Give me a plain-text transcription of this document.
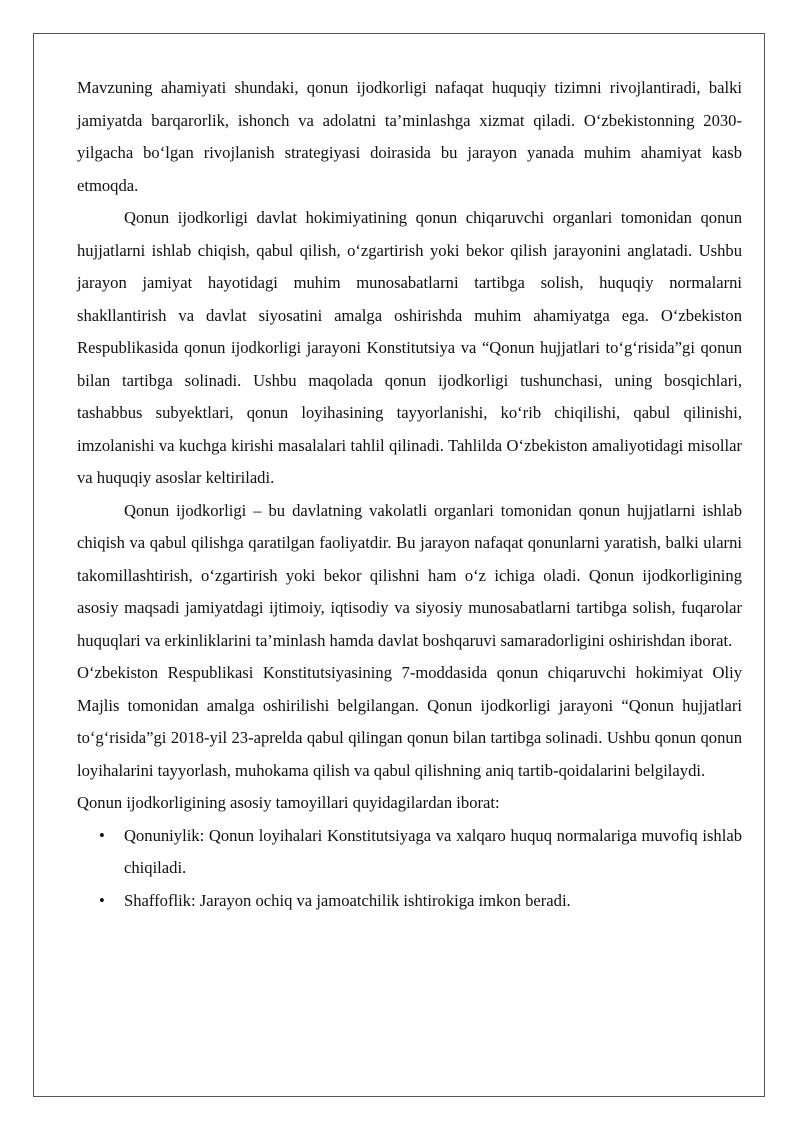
Mavzuning ahamiyati shundaki, qonun ijodkorligi nafaqat huquqiy tizimni rivojlantiradi, balki jamiyatda barqarorlik, ishonch va adolatni ta’minlashga xizmat qiladi. O‘zbekistonning 2030-yilgacha bo‘lgan rivojlanish strategiyasi doirasida bu jarayon yanada muhim ahamiyat kasb etmoqda.

Qonun ijodkorligi davlat hokimiyatining qonun chiqaruvchi organlari tomonidan qonun hujjatlarni ishlab chiqish, qabul qilish, o‘zgartirish yoki bekor qilish jarayonini anglatadi. Ushbu jarayon jamiyat hayotidagi muhim munosabatlarni tartibga solish, huquqiy normalarni shakllantirish va davlat siyosatini amalga oshirishda muhim ahamiyatga ega. O‘zbekiston Respublikasida qonun ijodkorligi jarayoni Konstitutsiya va “Qonun hujjatlari to‘g‘risida”gi qonun bilan tartibga solinadi. Ushbu maqolada qonun ijodkorligi tushunchasi, uning bosqichlari, tashabbus subyektlari, qonun loyihasining tayyorlanishi, ko‘rib chiqilishi, qabul qilinishi, imzolanishi va kuchga kirishi masalalari tahlil qilinadi. Tahlilda O‘zbekiston amaliyotidagi misollar va huquqiy asoslar keltiriladi.

Qonun ijodkorligi – bu davlatning vakolatli organlari tomonidan qonun hujjatlarni ishlab chiqish va qabul qilishga qaratilgan faoliyatdir. Bu jarayon nafaqat qonunlarni yaratish, balki ularni takomillashtirish, o‘zgartirish yoki bekor qilishni ham o‘z ichiga oladi. Qonun ijodkorligining asosiy maqsadi jamiyatdagi ijtimoiy, iqtisodiy va siyosiy munosabatlarni tartibga solish, fuqarolar huquqlari va erkinliklarini ta’minlash hamda davlat boshqaruvi samaradorligini oshirishdan iborat.

O‘zbekiston Respublikasi Konstitutsiyasining 7-moddasida qonun chiqaruvchi hokimiyat Oliy Majlis tomonidan amalga oshirilishi belgilangan. Qonun ijodkorligi jarayoni “Qonun hujjatlari to‘g‘risida”gi 2018-yil 23-aprelda qabul qilingan qonun bilan tartibga solinadi. Ushbu qonun qonun loyihalarini tayyorlash, muhokama qilish va qabul qilishning aniq tartib-qoidalarini belgilaydi.

Qonun ijodkorligining asosiy tamoyillari quyidagilardan iborat:

• Qonuniylik: Qonun loyihalari Konstitutsiyaga va xalqaro huquq normalariga muvofiq ishlab chiqiladi.
• Shaffoflik: Jarayon ochiq va jamoatchilik ishtirokiga imkon beradi.
